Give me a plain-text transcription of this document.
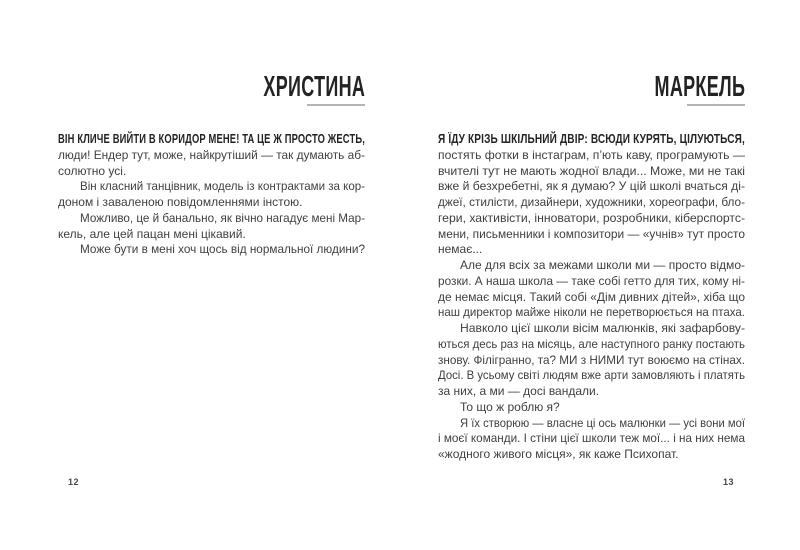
ХРИСТИНА
ВІН КЛИЧЕ ВИЙТИ В КОРИДОР МЕНЕ! ТА ЦЕ Ж ПРОСТО ЖЕСТЬ,
люди! Ендер тут, може, найкрутіший — так думають аб-
солютно усі.
Він класний танцівник, модель із контрактами за кор-
доном і заваленою повідомленнями інстою.
Можливо, це й банально, як вічно нагадує мені Мар-
кель, але цей пацан мені цікавий.
Може бути в мені хоч щось від нормальної людини?
МАРКЕЛЬ
Я ЇДУ КРІЗЬ ШКІЛЬНИЙ ДВІР: ВСЮДИ КУРЯТЬ, ЦІЛУЮТЬСЯ,
постять фотки в інстаграм, п’ють каву, програмують —
вчителі тут не мають жодної влади... Може, ми не такі
вже й безхребетні, як я думаю? У цій школі вчаться ді-
джеї, стилісти, дизайнери, художники, хореографи, бло-
гери, хактивісти, інноватори, розробники, кіберспортс-
мени, письменники і композитори — «учнів» тут просто
немає...
Але для всіх за межами школи ми — просто відмо-
розки. А наша школа — таке собі гетто для тих, кому ні-
де немає місця. Такий собі «Дім дивних дітей», хіба що
наш директор майже ніколи не перетворюється на птаха.
Навколо цієї школи вісім малюнків, які зафарбову-
ються десь раз на місяць, але наступного ранку постають
знову. Філігранно, та? МИ з НИМИ тут воюємо на стінах.
Досі. В усьому світі людям вже арти замовляють і платять
за них, а ми — досі вандали.
То що ж роблю я?
Я їх створюю — власне ці ось малюнки — усі вони мої
і моєї команди. І стіни цієї школи теж мої... і на них нема
«жодного живого місця», як каже Психопат.
12	13
